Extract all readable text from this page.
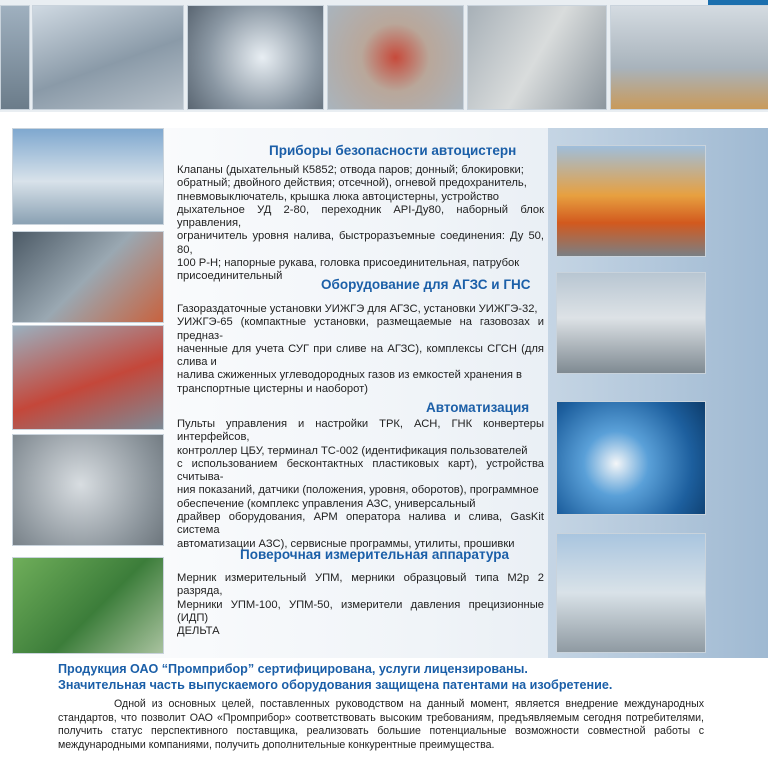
Приборы безопасности автоцистерн
Клапаны (дыхательный К5852; отвода паров; донный; блокировки;
обратный; двойного действия; отсечной), огневой предохранитель,
пневмовыключатель, крышка люка автоцистерны, устройство
дыхательное УД 2-80, переходник API-Ду80, наборный блок управления,
ограничитель уровня налива, быстроразъемные соединения: Ду 50, 80,
100 Р-Н; напорные рукава, головка присоединительная, патрубок
присоединительный
Оборудование для АГЗС и ГНС
Газораздаточные установки УИЖГЭ для АГЗС, установки УИЖГЭ-32,
УИЖГЭ-65 (компактные установки, размещаемые на газовозах и предназ-
наченные для учета СУГ при сливе на АГЗС), комплексы СГСН (для слива и
налива сжиженных углеводородных газов из емкостей хранения в
транспортные цистерны и наоборот)
Автоматизация
Пульты управления и настройки ТРК, АСН, ГНК конвертеры интерфейсов,
контроллер ЦБУ, терминал ТС-002 (идентификация пользователей
с использованием бесконтактных пластиковых карт), устройства считыва-
ния показаний, датчики (положения, уровня, оборотов), программное
обеспечение (комплекс управления АЗС, универсальный
драйвер оборудования, АРМ оператора налива и слива, GasKit система
автоматизации АЗС), сервисные программы, утилиты, прошивки
Поверочная измерительная аппаратура
Мерник измерительный УПМ, мерники образцовый типа М2р 2 разряда,
Мерники УПМ-100, УПМ-50, измерители давления прецизионные (ИДП)
ДЕЛЬТА
Продукция ОАО “Промприбор” сертифицирована, услуги лицензированы.
Значительная часть выпускаемого оборудования защищена патентами на изобретение.
Одной из основных целей, поставленных руководством на данный момент, является внедрение международных стандартов, что позволит ОАО «Промприбор» соответствовать высоким требованиям, предъявляемым сегодня потребителями, получить статус перспективного поставщика, реализовать большие потенциальные возможности совместной работы с международными компаниями, получить дополнительные конкурентные преимущества.
